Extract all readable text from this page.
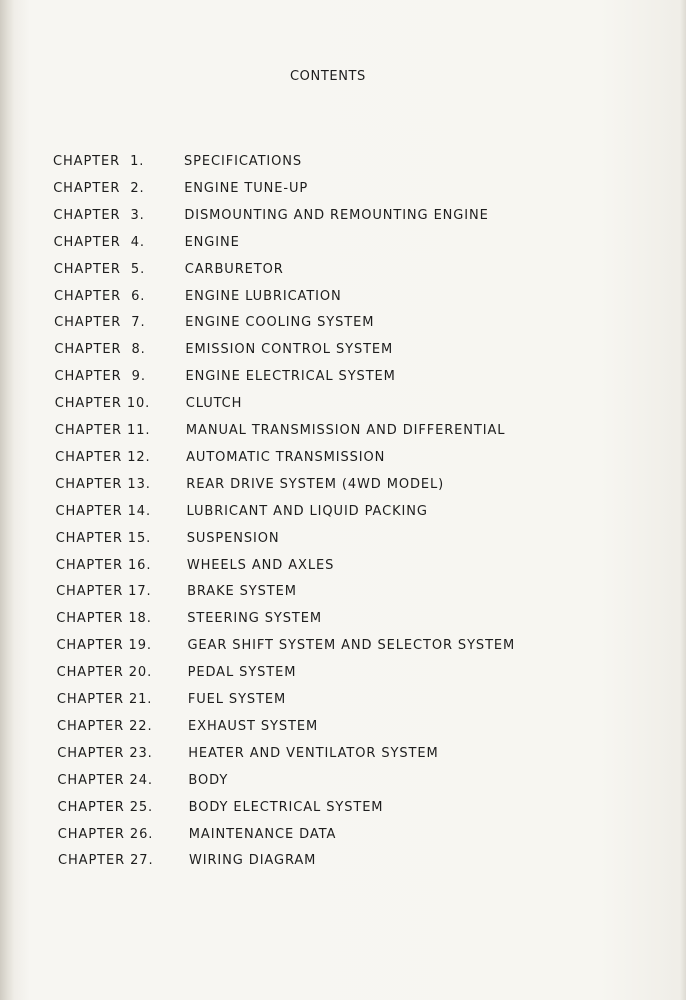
CONTENTS
CHAPTER  1.	SPECIFICATIONS
CHAPTER  2.	ENGINE TUNE-UP
CHAPTER  3.	DISMOUNTING AND REMOUNTING ENGINE
CHAPTER  4.	ENGINE
CHAPTER  5.	CARBURETOR
CHAPTER  6.	ENGINE LUBRICATION
CHAPTER  7.	ENGINE COOLING SYSTEM
CHAPTER  8.	EMISSION CONTROL SYSTEM
CHAPTER  9.	ENGINE ELECTRICAL SYSTEM
CHAPTER 10.	CLUTCH
CHAPTER 11.	MANUAL TRANSMISSION AND DIFFERENTIAL
CHAPTER 12.	AUTOMATIC TRANSMISSION
CHAPTER 13.	REAR DRIVE SYSTEM (4WD MODEL)
CHAPTER 14.	LUBRICANT AND LIQUID PACKING
CHAPTER 15.	SUSPENSION
CHAPTER 16.	WHEELS AND AXLES
CHAPTER 17.	BRAKE SYSTEM
CHAPTER 18.	STEERING SYSTEM
CHAPTER 19.	GEAR SHIFT SYSTEM AND SELECTOR SYSTEM
CHAPTER 20.	PEDAL SYSTEM
CHAPTER 21.	FUEL SYSTEM
CHAPTER 22.	EXHAUST SYSTEM
CHAPTER 23.	HEATER AND VENTILATOR SYSTEM
CHAPTER 24.	BODY
CHAPTER 25.	BODY ELECTRICAL SYSTEM
CHAPTER 26.	MAINTENANCE DATA
CHAPTER 27.	WIRING DIAGRAM
